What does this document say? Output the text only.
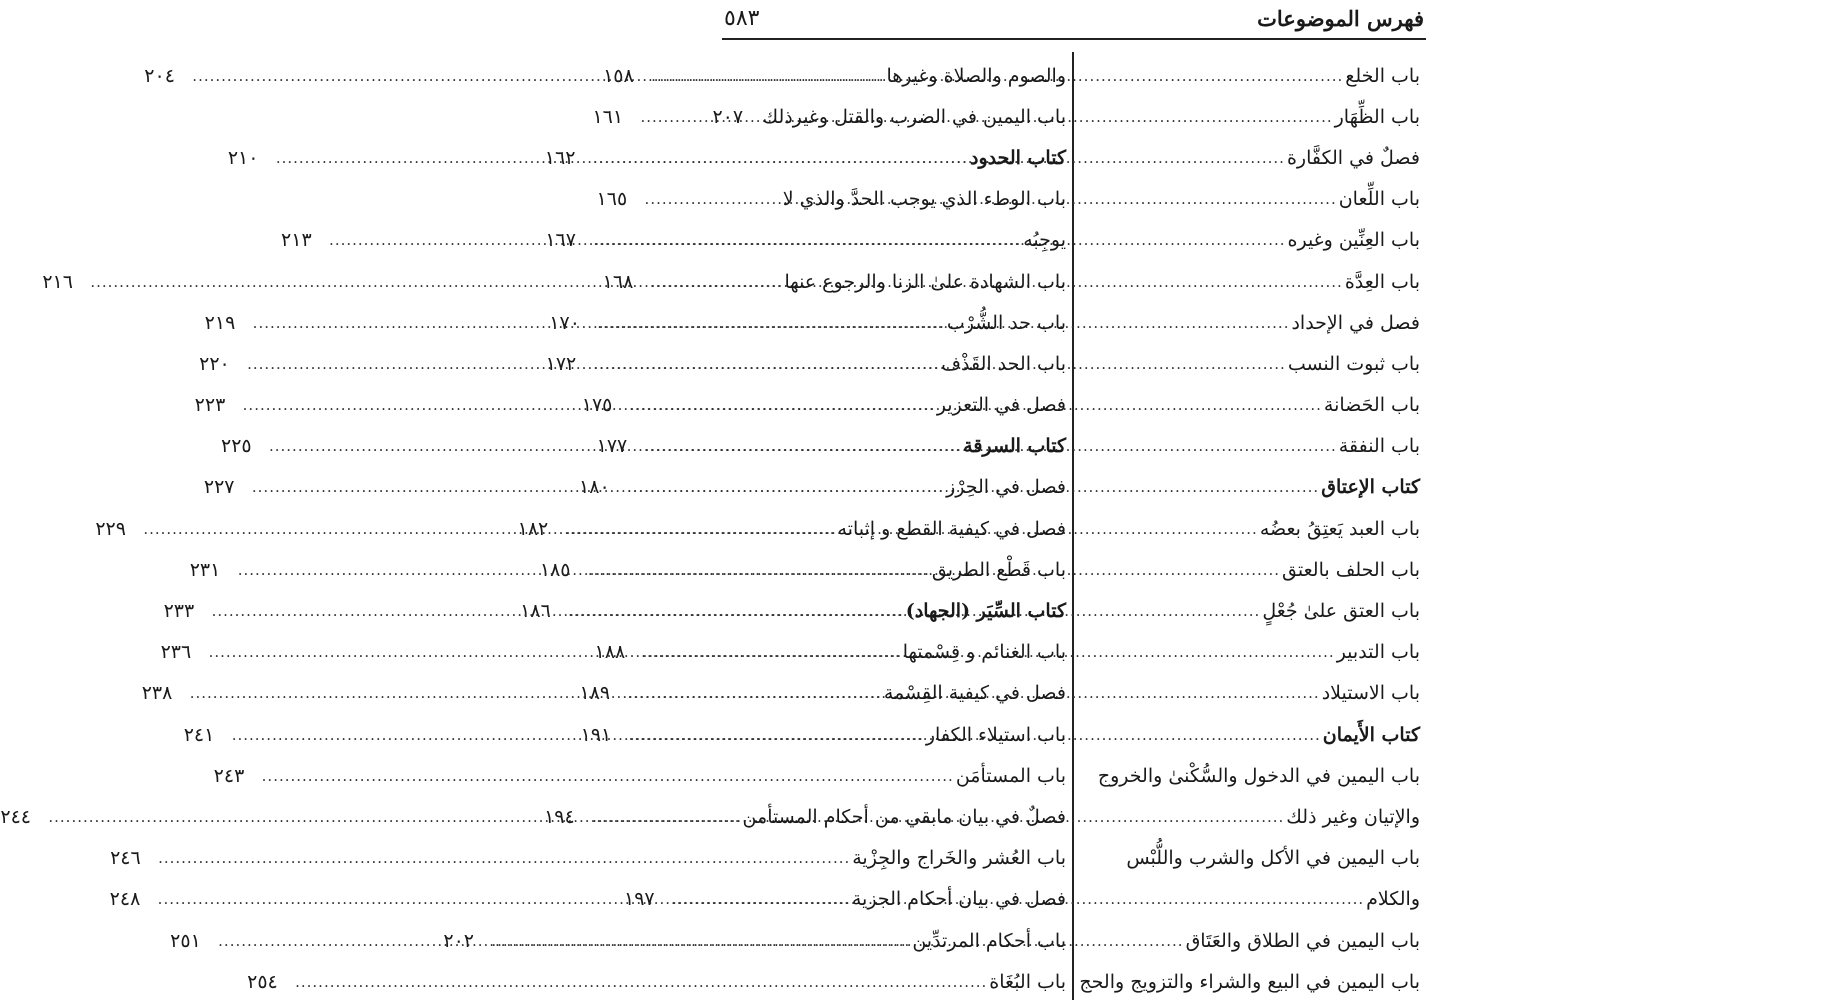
فهرس الموضوعات
٥٨٣
باب الخلع
.....
١٥٨
باب الظِّهَار
.....
١٦١
فصلٌ في الكفَّارة
.....
١٦٢
باب اللِّعان
.....
١٦٥
باب العِنِّين وغيره
.....
١٦٧
باب العِدَّة
.....
١٦٨
فصل في الإحداد
.....
١٧٠
باب ثبوت النسب
.....
١٧٢
باب الحَضانة
.....
١٧٥
باب النفقة
.....
١٧٧
كتاب الإعتاق
.....
١٨٠
باب العبد يَعتِقُ بعضُه
.....
١٨٢
باب الحلف بالعتق
.....
١٨٥
باب العتق علىٰ جُعْلٍ
.....
١٨٦
باب التدبير
.....
١٨٨
باب الاستيلاد
.....
١٨٩
كتاب الأَيمان
.....
١٩١
باب اليمين في الدخول والسُّكْنىٰ والخروج
والإتيان وغير ذلك
.....
١٩٤
باب اليمين في الأكل والشرب واللُّبْس
والكلام
.....
١٩٧
باب اليمين في الطلاق والعَتَاق
.....
٢٠٢
باب اليمين في البيع والشراء والتزويج والحج
والصوم والصلاة وغيرها
.....
٢٠٤
باب اليمين في الضرب والقتل وغيرذلك
٢٠٧
كتاب الحدود
.....
٢١٠
باب الوطء الذي يوجب الحدَّ والذي لا
يوجِبُه
.....
٢١٣
باب الشهادة علىٰ الزنا والرجوع عنها
.....
٢١٦
باب حد الشُّرْب
.....
٢١٩
باب الحد القَذْف
.....
٢٢٠
فصل في التعزير
.....
٢٢٣
كتاب السرقة
.....
٢٢٥
فصل في الحِرْز
.....
٢٢٧
فصل في كيفية القطع و إثباته
.....
٢٢٩
باب قَطْع الطريق
.....
٢٣١
كتاب السِّيَر (الجهاد)
.....
٢٣٣
باب الغنائم و قِسْمتها
.....
٢٣٦
فصل في كيفية القِسْمة
.....
٢٣٨
باب استيلاء الكفار
.....
٢٤١
باب المستأمَن
.....
٢٤٣
فصلٌ في بيان مابقي من أحكام المستأمن
.....
٢٤٤
باب العُشر والخَراج والجِزْية
.....
٢٤٦
فصل في بيان أحكام الجزية
.....
٢٤٨
باب أحكام المرتدِّين
.....
٢٥١
باب البُغَاة
.....
٢٥٤
